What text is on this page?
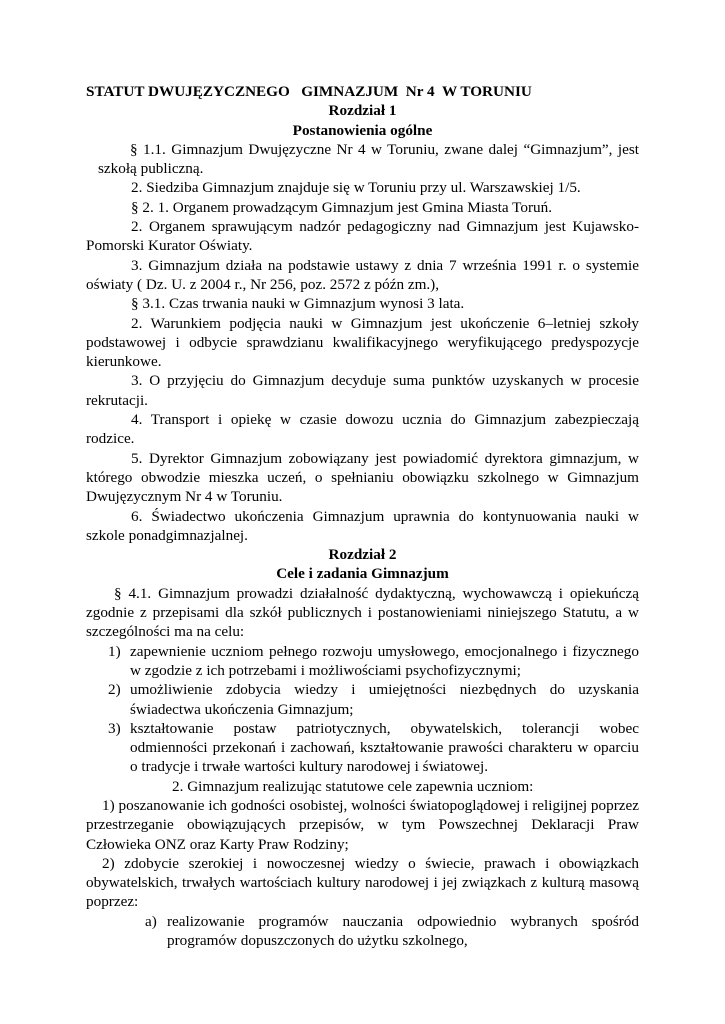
STATUT DWUJĘZYCZNEGO   GIMNAZJUM  Nr 4  W TORUNIU
Rozdział 1
Postanowienia ogólne

§ 1.1. Gimnazjum Dwujęzyczne Nr 4 w Toruniu, zwane dalej “Gimnazjum”, jest szkołą publiczną.

2. Siedziba Gimnazjum znajduje się w Toruniu przy ul. Warszawskiej 1/5.

§ 2. 1. Organem prowadzącym Gimnazjum jest Gmina Miasta Toruń.

2. Organem sprawującym nadzór pedagogiczny nad Gimnazjum jest Kujawsko-Pomorski Kurator Oświaty.

3. Gimnazjum działa na podstawie ustawy z dnia 7 września 1991 r. o systemie oświaty ( Dz. U. z 2004 r., Nr 256, poz. 2572 z późn zm.),

§ 3.1. Czas trwania nauki w Gimnazjum wynosi 3 lata.

2. Warunkiem podjęcia nauki w Gimnazjum jest ukończenie 6–letniej szkoły podstawowej i odbycie sprawdzianu kwalifikacyjnego weryfikującego predyspozycje kierunkowe.

3. O przyjęciu do Gimnazjum decyduje suma punktów uzyskanych w procesie rekrutacji.

4. Transport i opiekę w czasie dowozu ucznia do Gimnazjum zabezpieczają rodzice.

5. Dyrektor Gimnazjum zobowiązany jest powiadomić dyrektora gimnazjum, w którego obwodzie mieszka uczeń, o spełnianiu obowiązku szkolnego w Gimnazjum Dwujęzycznym Nr 4 w Toruniu.

6. Świadectwo ukończenia Gimnazjum uprawnia do kontynuowania nauki w szkole ponadgimnazjalnej.

Rozdział 2
Cele i zadania Gimnazjum

§ 4.1. Gimnazjum prowadzi działalność dydaktyczną, wychowawczą i opiekuńczą zgodnie z przepisami dla szkół publicznych i postanowieniami niniejszego Statutu, a w szczególności ma na celu:

1) zapewnienie uczniom pełnego rozwoju umysłowego, emocjonalnego i fizycznego w zgodzie z ich potrzebami i możliwościami psychofizycznymi;
2) umożliwienie zdobycia wiedzy i umiejętności niezbędnych do uzyskania świadectwa ukończenia Gimnazjum;
3) kształtowanie postaw patriotycznych, obywatelskich, tolerancji wobec odmienności przekonań i zachowań, kształtowanie prawości charakteru w oparciu o tradycje i trwałe wartości kultury narodowej i światowej.

2. Gimnazjum realizując statutowe cele zapewnia uczniom:

1) poszanowanie ich godności osobistej, wolności światopoglądowej i religijnej poprzez przestrzeganie obowiązujących przepisów, w tym Powszechnej Deklaracji Praw Człowieka ONZ oraz Karty Praw Rodziny;

2) zdobycie szerokiej i nowoczesnej wiedzy o świecie, prawach i obowiązkach obywatelskich, trwałych wartościach kultury narodowej i jej związkach z kulturą masową poprzez:

a) realizowanie programów nauczania odpowiednio wybranych spośród programów dopuszczonych do użytku szkolnego,
